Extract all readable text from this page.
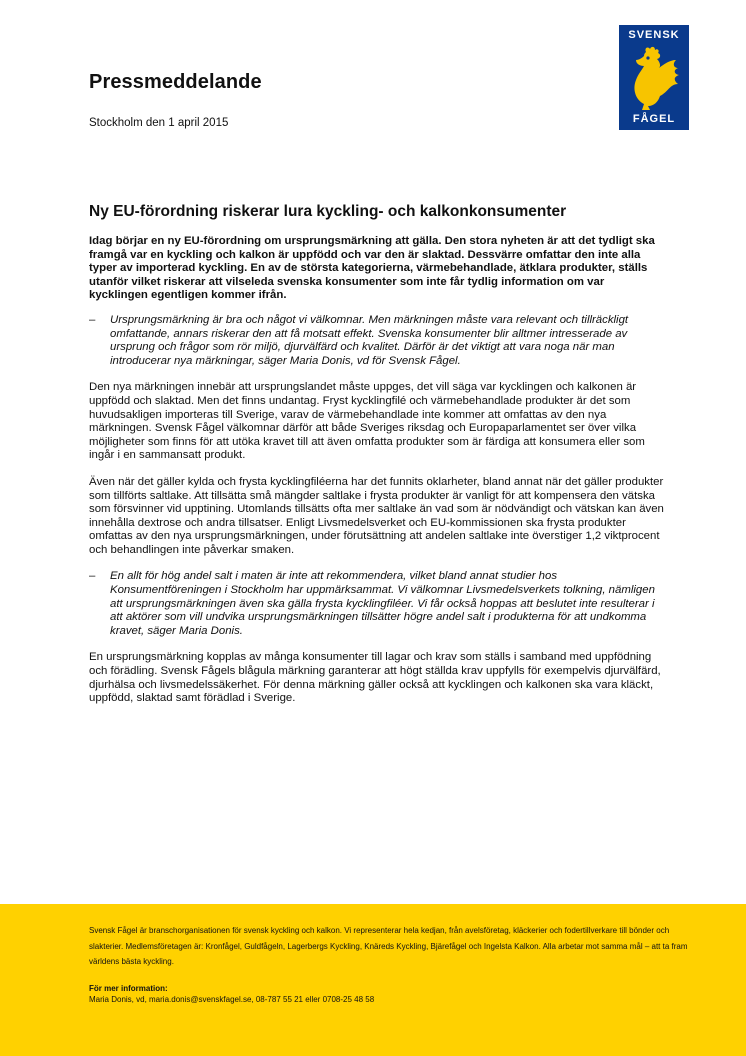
SVENSK
FÅGEL
Pressmeddelande
Stockholm den 1 april 2015
Ny EU-förordning riskerar lura kyckling- och kalkonkonsumenter

Idag börjar en ny EU-förordning om ursprungsmärkning att gälla. Den stora nyheten är att det tydligt ska framgå var en kyckling och kalkon är uppfödd och var den är slaktad. Dessvärre omfattar den inte alla typer av importerad kyckling. En av de största kategorierna, värmebehandlade, ätklara produkter, ställs utanför vilket riskerar att vilseleda svenska konsumenter som inte får tydlig information om var kycklingen egentligen kommer ifrån.

– Ursprungsmärkning är bra och något vi välkomnar. Men märkningen måste vara relevant och tillräckligt omfattande, annars riskerar den att få motsatt effekt. Svenska konsumenter blir alltmer intresserade av ursprung och frågor som rör miljö, djurvälfärd och kvalitet. Därför är det viktigt att vara noga när man introducerar nya märkningar, säger Maria Donis, vd för Svensk Fågel.

Den nya märkningen innebär att ursprungslandet måste uppges, det vill säga var kycklingen och kalkonen är uppfödd och slaktad. Men det finns undantag. Fryst kycklingfilé och värmebehandlade produkter är det som huvudsakligen importeras till Sverige, varav de värmebehandlade inte kommer att omfattas av den nya märkningen. Svensk Fågel välkomnar därför att både Sveriges riksdag och Europaparlamentet ser över vilka möjligheter som finns för att utöka kravet till att även omfatta produkter som är färdiga att konsumera eller som ingår i en sammansatt produkt.

Även när det gäller kylda och frysta kycklingfiléerna har det funnits oklarheter, bland annat när det gäller produkter som tillförts saltlake. Att tillsätta små mängder saltlake i frysta produkter är vanligt för att kompensera den vätska som försvinner vid upptining. Utomlands tillsätts ofta mer saltlake än vad som är nödvändigt och vätskan kan även innehålla dextrose och andra tillsatser. Enligt Livsmedelsverket och EU-kommissionen ska frysta produkter omfattas av den nya ursprungsmärkningen, under förutsättning att andelen saltlake inte överstiger 1,2 viktprocent och behandlingen inte påverkar smaken.

– En allt för hög andel salt i maten är inte att rekommendera, vilket bland annat studier hos Konsumentföreningen i Stockholm har uppmärksammat. Vi välkomnar Livsmedelsverkets tolkning, nämligen att ursprungsmärkningen även ska gälla frysta kycklingfiléer. Vi får också hoppas att beslutet inte resulterar i att aktörer som vill undvika ursprungsmärkningen tillsätter högre andel salt i produkterna för att undkomma kravet, säger Maria Donis.

En ursprungsmärkning kopplas av många konsumenter till lagar och krav som ställs i samband med uppfödning och förädling. Svensk Fågels blågula märkning garanterar att högt ställda krav uppfylls för exempelvis djurvälfärd, djurhälsa och livsmedelssäkerhet. För denna märkning gäller också att kycklingen och kalkonen ska vara kläckt, uppfödd, slaktad samt förädlad i Sverige.

Svensk Fågel är branschorganisationen för svensk kyckling och kalkon. Vi representerar hela kedjan, från avelsföretag, kläckerier och fodertillverkare till bönder och slakterier. Medlemsföretagen är: Kronfågel, Guldfågeln, Lagerbergs Kyckling, Knäreds Kyckling, Bjärefågel och Ingelsta Kalkon. Alla arbetar mot samma mål – att ta fram världens bästa kyckling.

För mer information:

Maria Donis, vd, maria.donis@svenskfagel.se, 08-787 55 21 eller 0708-25 48 58
